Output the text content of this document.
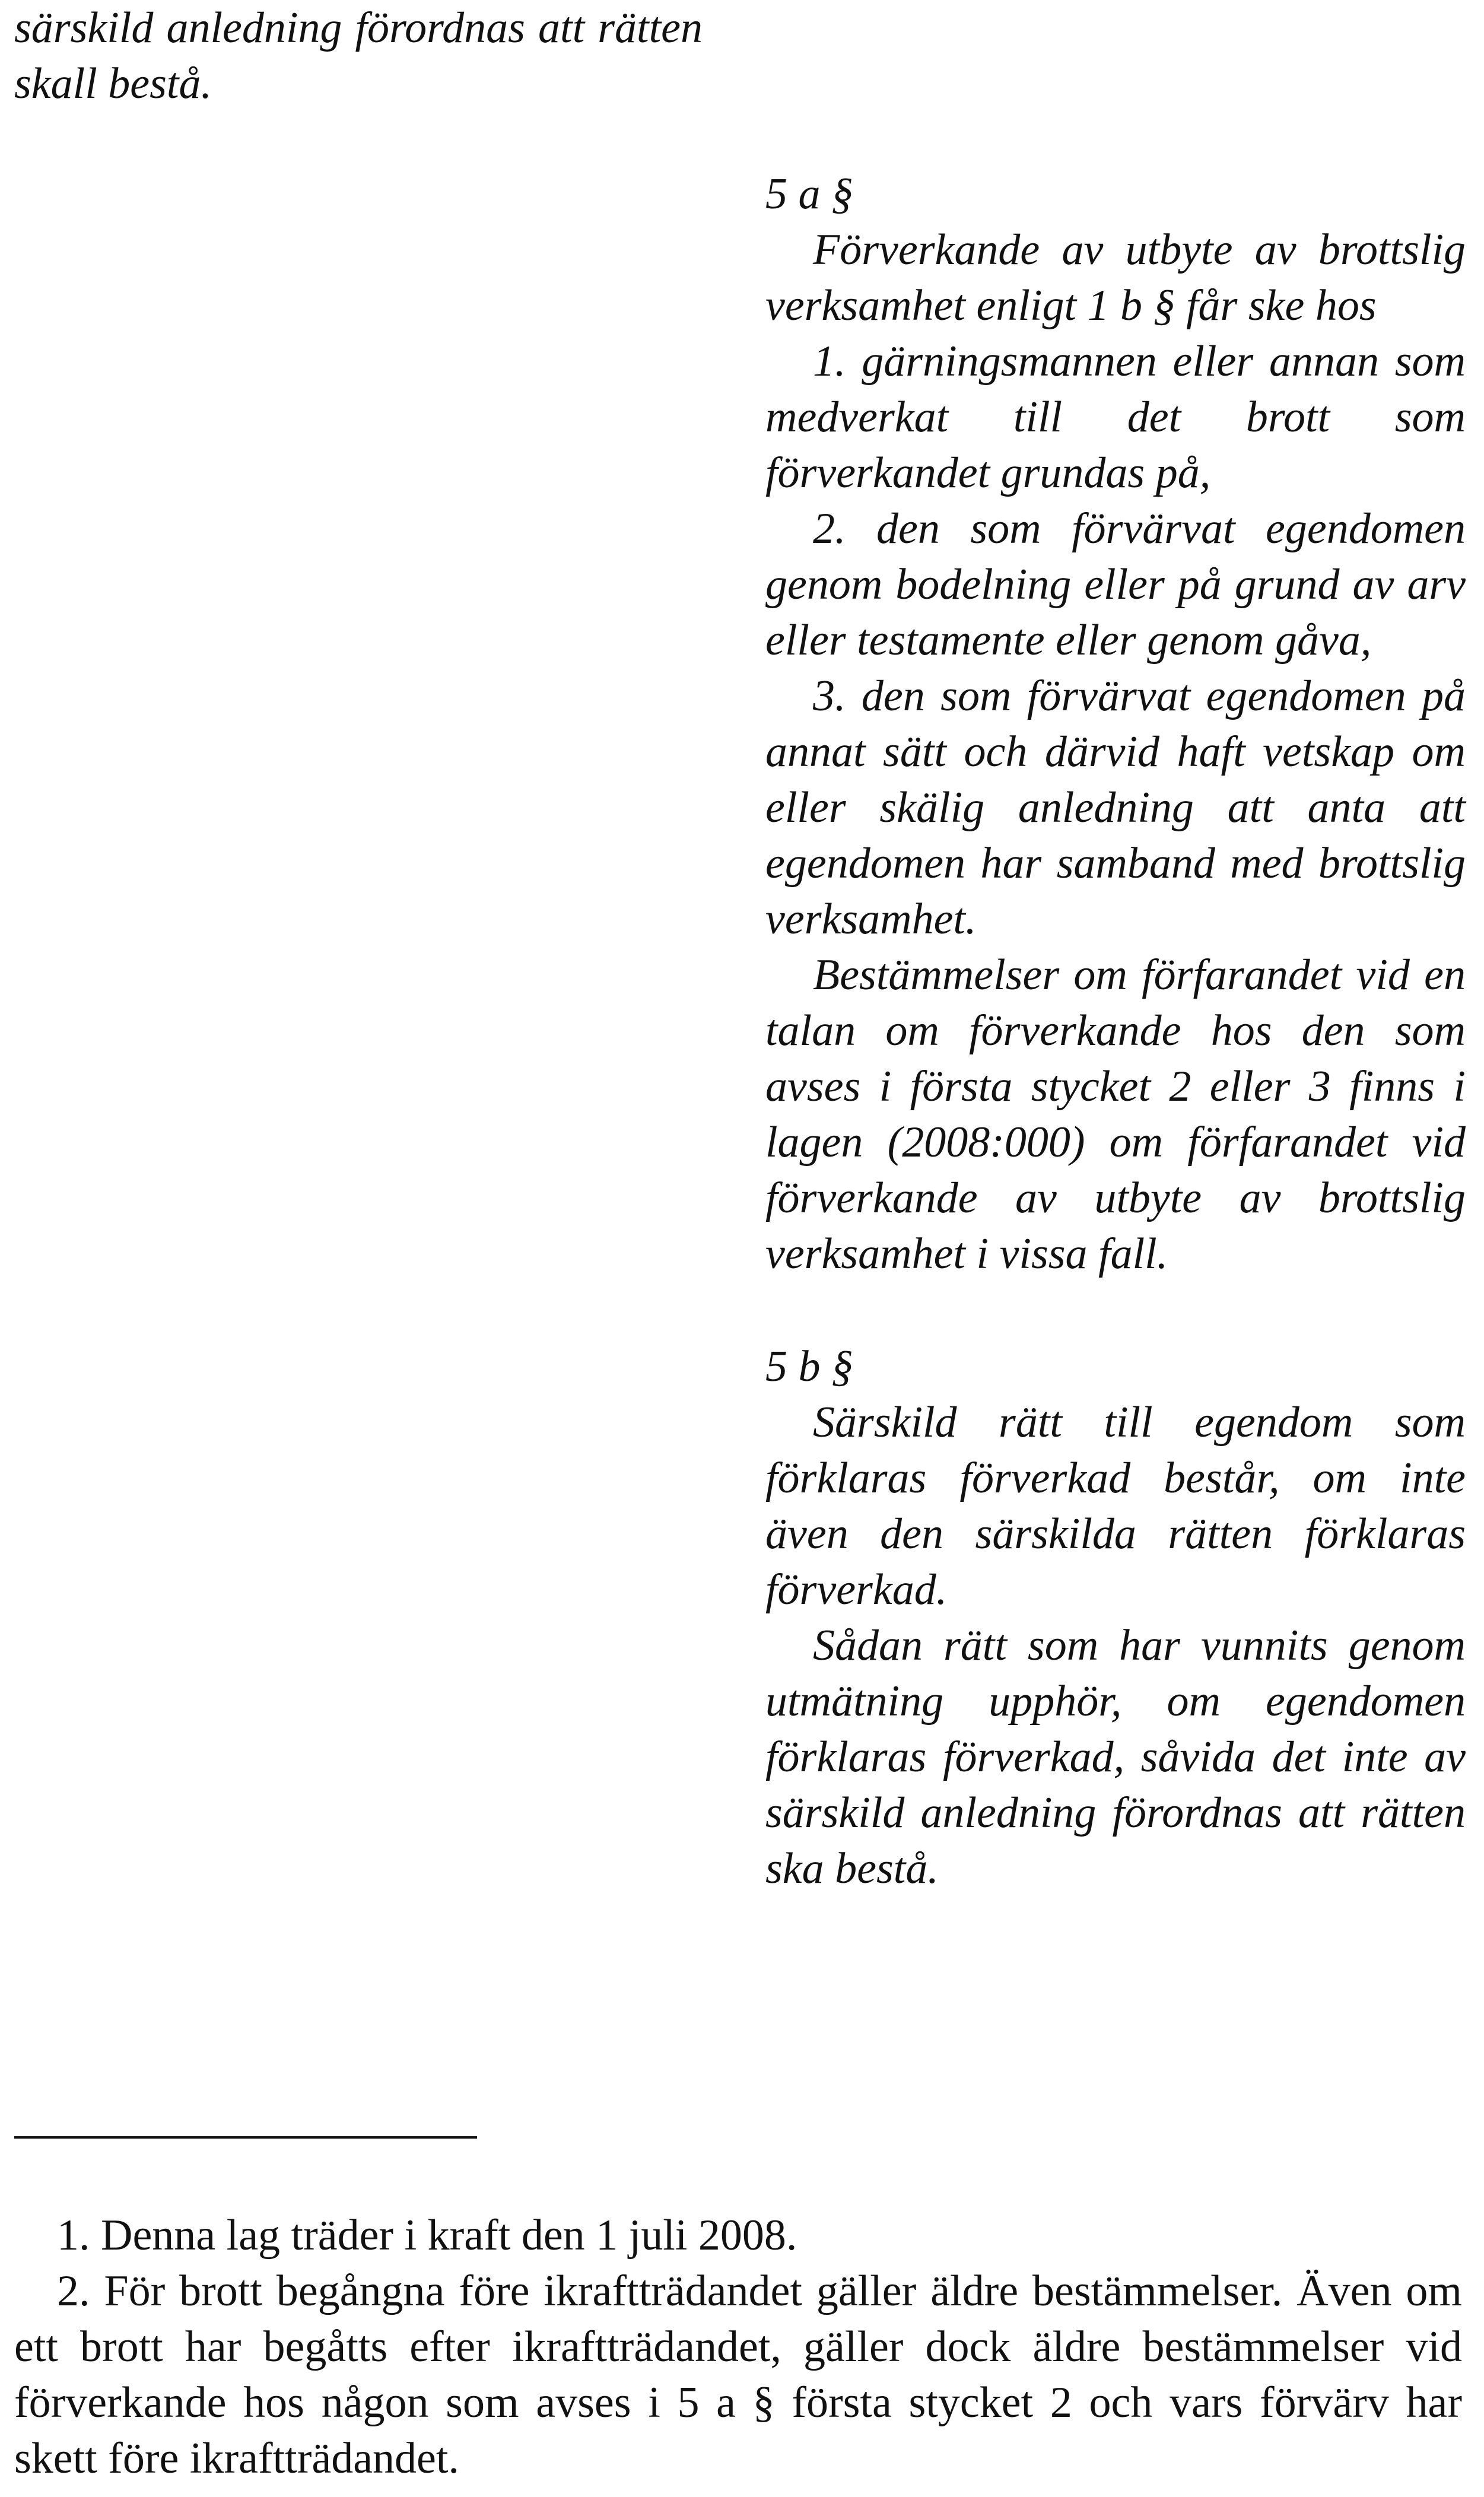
särskild anledning förordnas att rätten skall bestå.

5 a §

Förverkande av utbyte av brottslig verksamhet enligt 1 b § får ske hos

1. gärningsmannen eller annan som medverkat till det brott som förverkandet grundas på,

2. den som förvärvat egendomen genom bodelning eller på grund av arv eller testamente eller genom gåva,

3. den som förvärvat egendomen på annat sätt och därvid haft vetskap om eller skälig anledning att anta att egendomen har samband med brottslig verksamhet.

Bestämmelser om förfarandet vid en talan om förverkande hos den som avses i första stycket 2 eller 3 finns i lagen (2008:000) om förfarandet vid förverkande av utbyte av brottslig verksamhet i vissa fall.

5 b §

Särskild rätt till egendom som förklaras förverkad består, om inte även den särskilda rätten förklaras förverkad.

Sådan rätt som har vunnits genom utmätning upphör, om egendomen förklaras förverkad, såvida det inte av särskild anledning förordnas att rätten ska bestå.

1. Denna lag träder i kraft den 1 juli 2008.

2. För brott begångna före ikraftträdandet gäller äldre bestämmelser. Även om ett brott har begåtts efter ikraftträdandet, gäller dock äldre bestämmelser vid förverkande hos någon som avses i 5 a § första stycket 2 och vars förvärv har skett före ikraftträdandet.
